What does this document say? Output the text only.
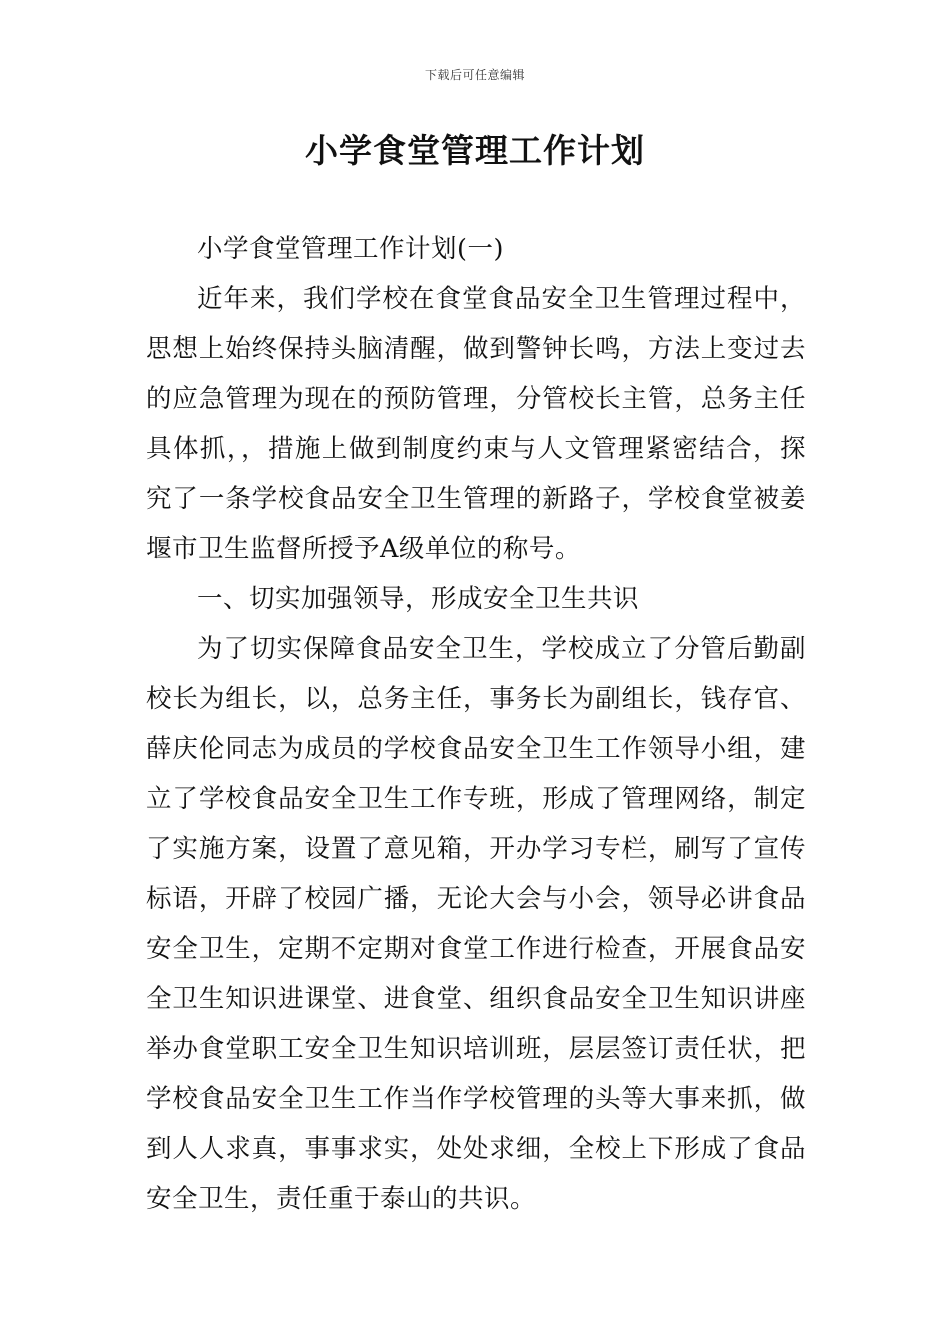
下载后可任意编辑
小学食堂管理工作计划

小学食堂管理工作计划(一)

近年来，我们学校在食堂食品安全卫生管理过程中，思想上始终保持头脑清醒，做到警钟长鸣，方法上变过去的应急管理为现在的预防管理，分管校长主管，总务主任具体抓，，措施上做到制度约束与人文管理紧密结合，探究了一条学校食品安全卫生管理的新路子，学校食堂被姜堰市卫生监督所授予A级单位的称号。

一、切实加强领导，形成安全卫生共识

为了切实保障食品安全卫生，学校成立了分管后勤副校长为组长，以，总务主任，事务长为副组长，钱存官、薛庆伦同志为成员的学校食品安全卫生工作领导小组，建立了学校食品安全卫生工作专班，形成了管理网络，制定了实施方案，设置了意见箱，开办学习专栏，刷写了宣传标语，开辟了校园广播，无论大会与小会，领导必讲食品安全卫生，定期不定期对食堂工作进行检查，开展食品安全卫生知识进课堂、进食堂、组织食品安全卫生知识讲座举办食堂职工安全卫生知识培训班，层层签订责任状，把学校食品安全卫生工作当作学校管理的头等大事来抓，做到人人求真，事事求实，处处求细，全校上下形成了食品安全卫生，责任重于泰山的共识。
